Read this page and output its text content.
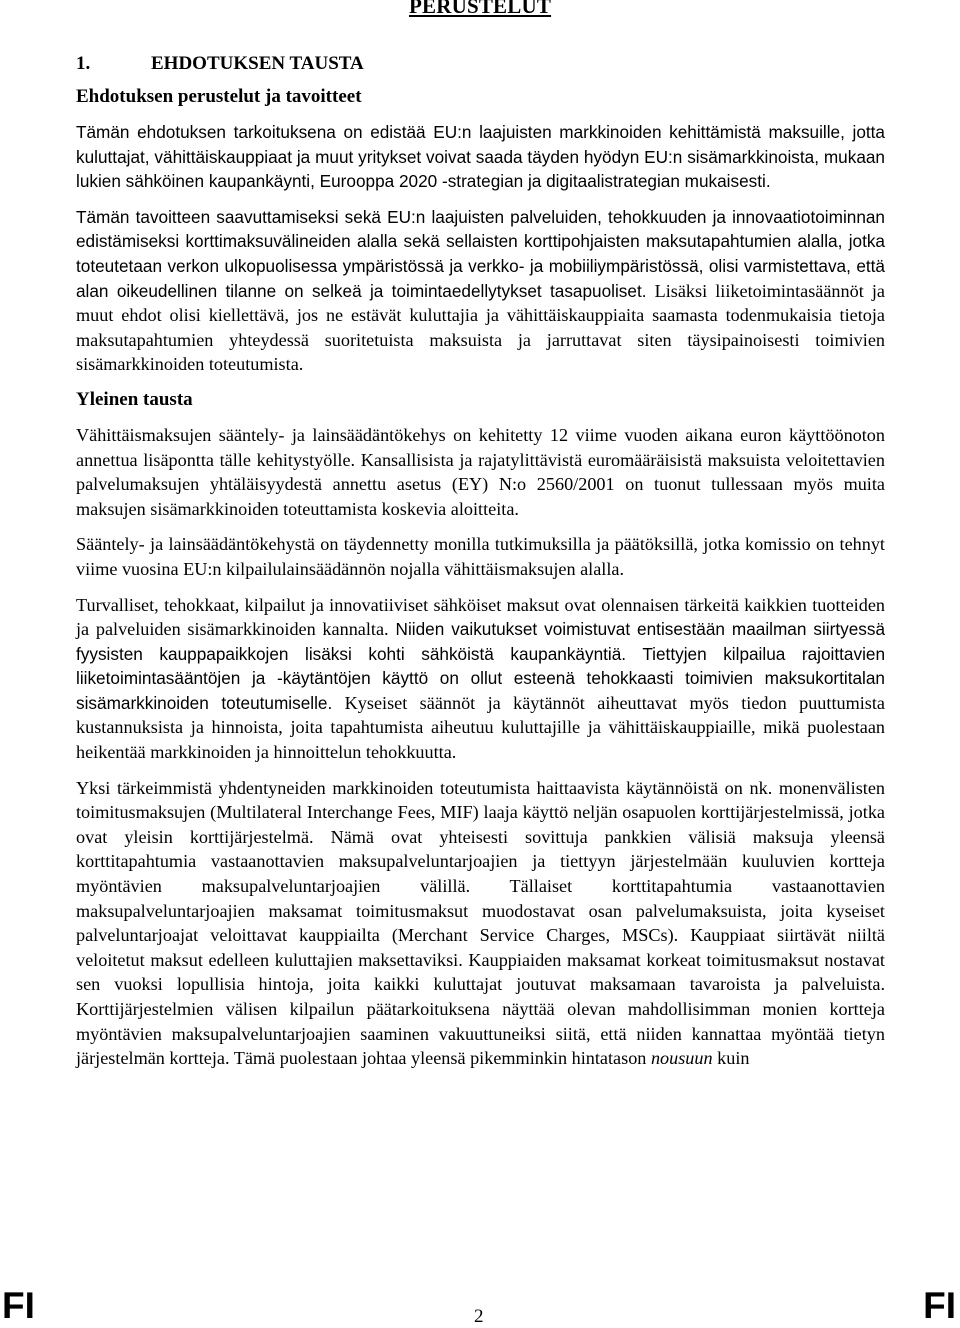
PERUSTELUT
1.	EHDOTUKSEN TAUSTA
Ehdotuksen perustelut ja tavoitteet

Tämän ehdotuksen tarkoituksena on edistää EU:n laajuisten markkinoiden kehittämistä maksuille, jotta kuluttajat, vähittäiskauppiaat ja muut yritykset voivat saada täyden hyödyn EU:n sisämarkkinoista, mukaan lukien sähköinen kaupankäynti, Eurooppa 2020 -strategian ja digitaalistrategian mukaisesti.

Tämän tavoitteen saavuttamiseksi sekä EU:n laajuisten palveluiden, tehokkuuden ja innovaatiotoiminnan edistämiseksi korttimaksuvälineiden alalla sekä sellaisten korttipohjaisten maksutapahtumien alalla, jotka toteutetaan verkon ulkopuolisessa ympäristössä ja verkko- ja mobiiliympäristössä, olisi varmistettava, että alan oikeudellinen tilanne on selkeä ja toimintaedellytykset tasapuoliset. Lisäksi liiketoimintasäännöt ja muut ehdot olisi kiellettävä, jos ne estävät kuluttajia ja vähittäiskauppiaita saamasta todenmukaisia tietoja maksutapahtumien yhteydessä suoritetuista maksuista ja jarruttavat siten täysipainoisesti toimivien sisämarkkinoiden toteutumista.

Yleinen tausta

Vähittäismaksujen sääntely- ja lainsäädäntökehys on kehitetty 12 viime vuoden aikana euron käyttöönoton annettua lisäpontta tälle kehitystyölle. Kansallisista ja rajatylittävistä euromääräisistä maksuista veloitettavien palvelumaksujen yhtäläisyydestä annettu asetus (EY) N:o 2560/2001 on tuonut tullessaan myös muita maksujen sisämarkkinoiden toteuttamista koskevia aloitteita.

Sääntely- ja lainsäädäntökehystä on täydennetty monilla tutkimuksilla ja päätöksillä, jotka komissio on tehnyt viime vuosina EU:n kilpailulainsäädännön nojalla vähittäismaksujen alalla.

Turvalliset, tehokkaat, kilpailut ja innovatiiviset sähköiset maksut ovat olennaisen tärkeitä kaikkien tuotteiden ja palveluiden sisämarkkinoiden kannalta. Niiden vaikutukset voimistuvat entisestään maailman siirtyessä fyysisten kauppapaikkojen lisäksi kohti sähköistä kaupankäyntiä. Tiettyjen kilpailua rajoittavien liiketoimintasääntöjen ja -käytäntöjen käyttö on ollut esteenä tehokkaasti toimivien maksukortitalan sisämarkkinoiden toteutumiselle. Kyseiset säännöt ja käytännöt aiheuttavat myös tiedon puuttumista kustannuksista ja hinnoista, joita tapahtumista aiheutuu kuluttajille ja vähittäiskauppiaille, mikä puolestaan heikentää markkinoiden ja hinnoittelun tehokkuutta.

Yksi tärkeimmistä yhdentyneiden markkinoiden toteutumista haittaavista käytännöistä on nk. monenvälisten toimitusmaksujen (Multilateral Interchange Fees, MIF) laaja käyttö neljän osapuolen korttijärjestelmissä, jotka ovat yleisin korttijärjestelmä. Nämä ovat yhteisesti sovittuja pankkien välisiä maksuja yleensä korttitapahtumia vastaanottavien maksupalveluntarjoajien ja tiettyyn järjestelmään kuuluvien kortteja myöntävien maksupalveluntarjoajien välillä. Tällaiset korttitapahtumia vastaanottavien maksupalveluntarjoajien maksamat toimitusmaksut muodostavat osan palvelumaksuista, joita kyseiset palveluntarjoajat veloittavat kauppiailta (Merchant Service Charges, MSCs). Kauppiaat siirtävät niiltä veloitetut maksut edelleen kuluttajien maksettaviksi. Kauppiaiden maksamat korkeat toimitusmaksut nostavat sen vuoksi lopullisia hintoja, joita kaikki kuluttajat joutuvat maksamaan tavaroista ja palveluista. Korttijärjestelmien välisen kilpailun päätarkoituksena näyttää olevan mahdollisimman monien kortteja myöntävien maksupalveluntarjoajien saaminen vakuuttuneiksi siitä, että niiden kannattaa myöntää tietyn järjestelmän kortteja. Tämä puolestaan johtaa yleensä pikemminkin hintatason nousuun kuin

FI	2	FI
